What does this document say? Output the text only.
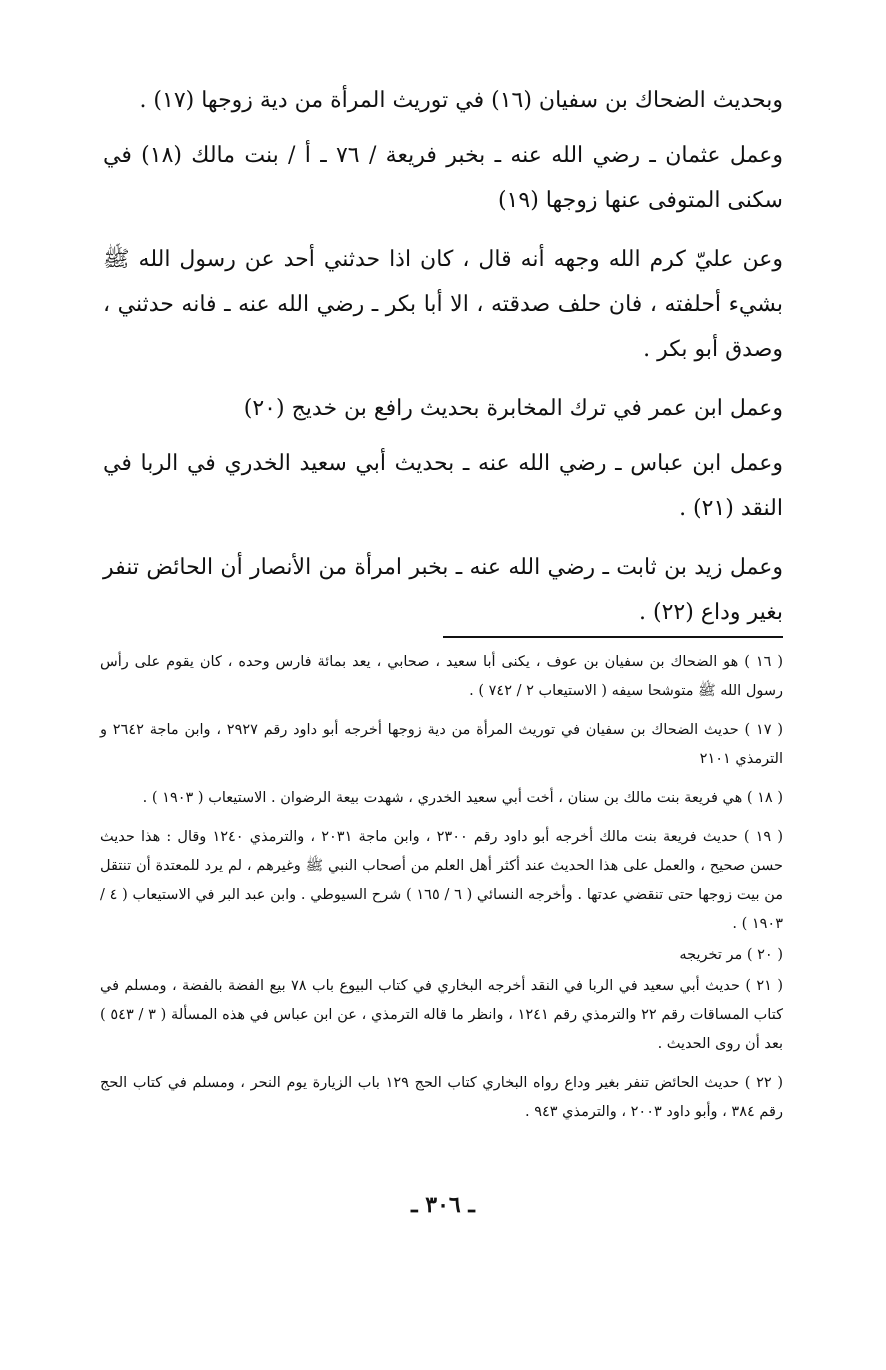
وبحديث الضحاك بن سفيان (١٦) في توريث المرأة من دية زوجها (١٧) .

وعمل عثمان ـ رضي الله عنه ـ بخبر فريعة / ٧٦ ـ أ / بنت مالك (١٨) في سكنى المتوفى عنها زوجها (١٩)

وعن عليّ كرم الله وجهه أنه قال ، كان اذا حدثني أحد عن رسول الله ﷺ بشيء أحلفته ، فان حلف صدقته ، الا أبا بكر ـ رضي الله عنه ـ فانه حدثني ، وصدق أبو بكر .

وعمل ابن عمر في ترك المخابرة بحديث رافع بن خديج (٢٠)

وعمل ابن عباس ـ رضي الله عنه ـ بحديث أبي سعيد الخدري في الربا في النقد (٢١) .

وعمل زيد بن ثابت ـ رضي الله عنه ـ بخبر امرأة من الأنصار أن الحائض تنفر بغير وداع (٢٢) .

( ١٦ ) هو الضحاك بن سفيان بن عوف ، يكنى أبا سعيد ، صحابي ، يعد بمائة فارس وحده ، كان يقوم على رأس رسول الله ﷺ متوشحا سيفه ( الاستيعاب ٢ / ٧٤٢ ) .

( ١٧ ) حديث الضحاك بن سفيان في توريث المرأة من دية زوجها أخرجه أبو داود رقم ٢٩٢٧ ، وابن ماجة ٢٦٤٢ و الترمذي ٢١٠١

( ١٨ ) هي فريعة بنت مالك بن سنان ، أخت أبي سعيد الخدري ، شهدت بيعة الرضوان . الاستيعاب ( ١٩٠٣ ) .

( ١٩ ) حديث فريعة بنت مالك أخرجه أبو داود رقم ٢٣٠٠ ، وابن ماجة ٢٠٣١ ، والترمذي ١٢٤٠ وقال : هذا حديث حسن صحيح ، والعمل على هذا الحديث عند أكثر أهل العلم من أصحاب النبي ﷺ وغيرهم ، لم يرد للمعتدة أن تنتقل من بيت زوجها حتى تنقضي عدتها . وأخرجه النسائي ( ٦ / ١٦٥ ) شرح السيوطي . وابن عبد البر في الاستيعاب ( ٤ / ١٩٠٣ ) .

( ٢٠ ) مر تخريجه

( ٢١ ) حديث أبي سعيد في الربا في النقد أخرجه البخاري في كتاب البيوع باب ٧٨ بيع الفضة بالفضة ، ومسلم في كتاب المساقات رقم ٢٢ والترمذي رقم ١٢٤١ ، وانظر ما قاله الترمذي ، عن ابن عباس في هذه المسألة ( ٣ / ٥٤٣ ) بعد أن روى الحديث .

( ٢٢ ) حديث الحائض تنفر بغير وداع رواه البخاري كتاب الحج ١٢٩ باب الزيارة يوم النحر ، ومسلم في كتاب الحج رقم ٣٨٤ ، وأبو داود ٢٠٠٣ ، والترمذي ٩٤٣ .

ـ ٣٠٦ ـ
